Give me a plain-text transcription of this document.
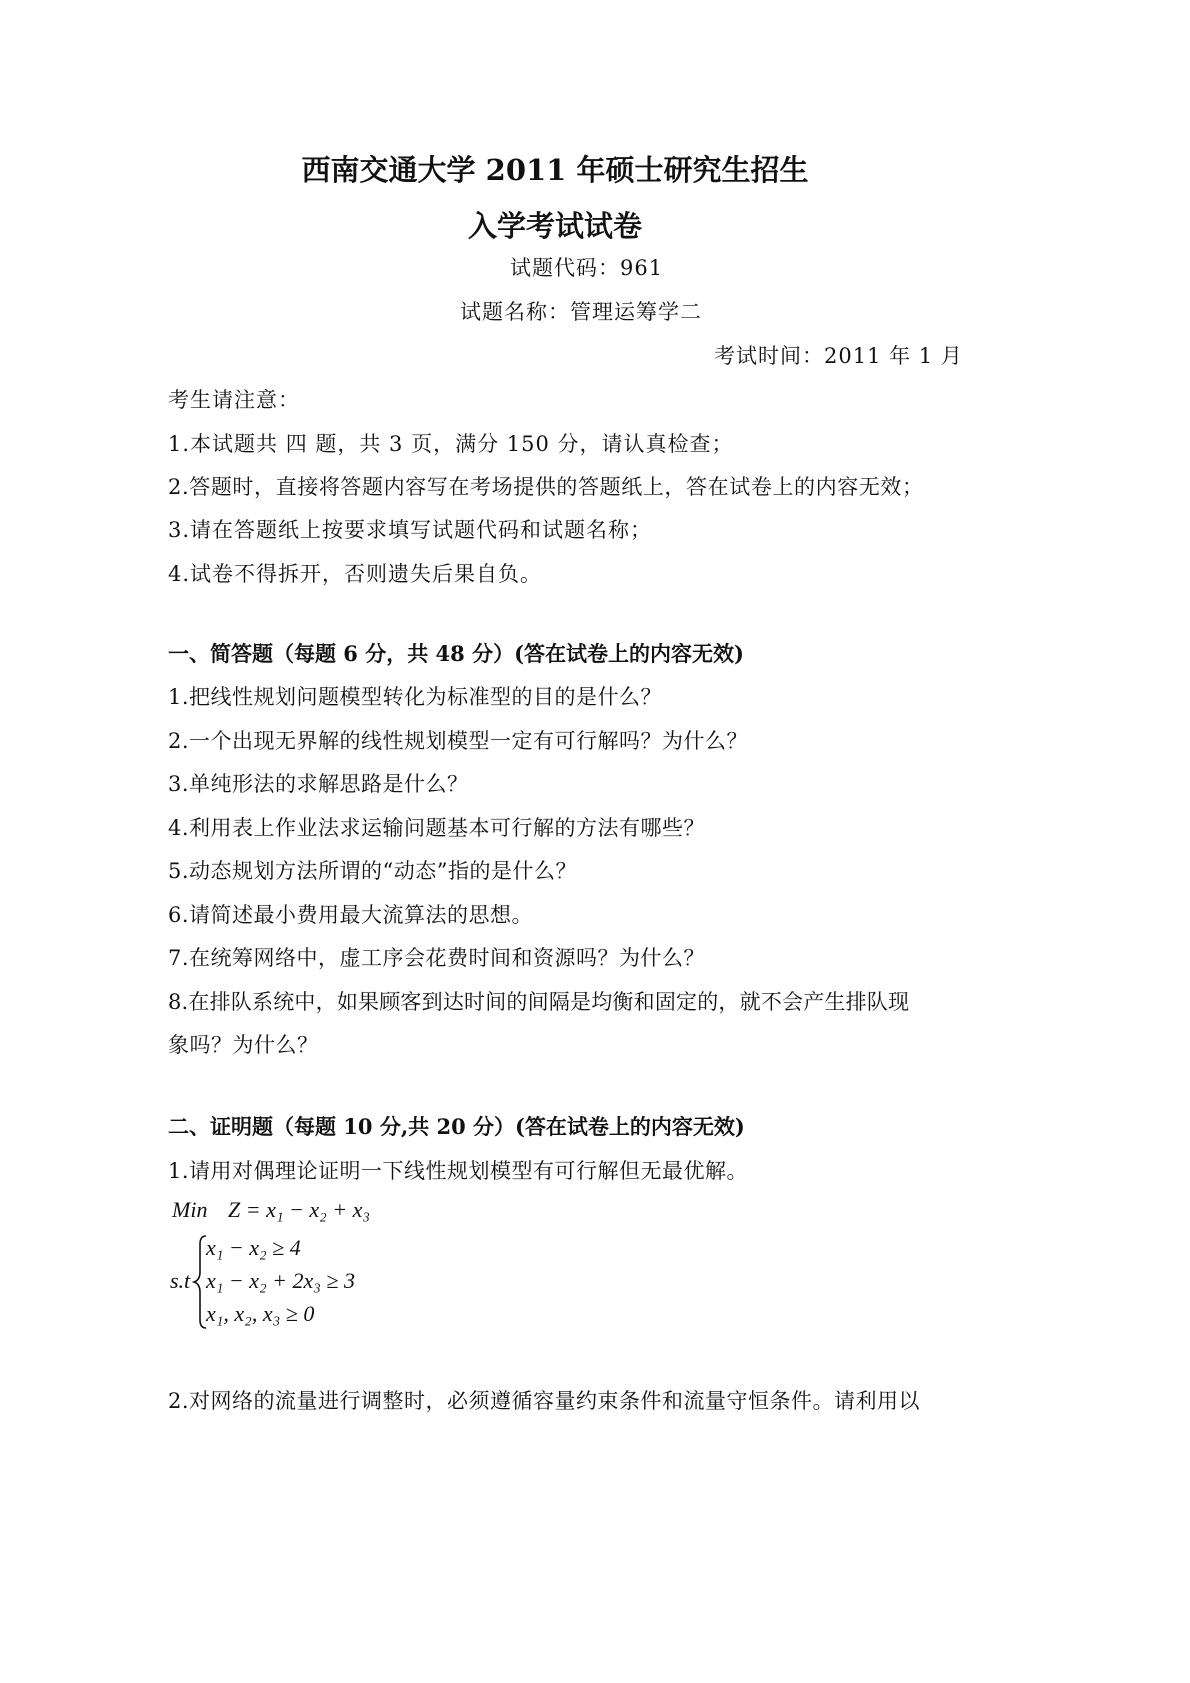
西南交通大学 2011 年硕士研究生招生
入学考试试卷
试题代码：961
试题名称：管理运筹学二
考试时间：2011 年 1 月
考生请注意：
1.本试题共 四 题，共 3 页，满分 150 分，请认真检查；
2.答题时，直接将答题内容写在考场提供的答题纸上，答在试卷上的内容无效；
3.请在答题纸上按要求填写试题代码和试题名称；
4.试卷不得拆开，否则遗失后果自负。
一、简答题（每题 6 分，共 48 分）(答在试卷上的内容无效)
1.把线性规划问题模型转化为标准型的目的是什么？
2.一个出现无界解的线性规划模型一定有可行解吗？为什么？
3.单纯形法的求解思路是什么？
4.利用表上作业法求运输问题基本可行解的方法有哪些？
5.动态规划方法所谓的“动态”指的是什么？
6.请简述最小费用最大流算法的思想。
7.在统筹网络中，虚工序会花费时间和资源吗？为什么？
8.在排队系统中，如果顾客到达时间的间隔是均衡和固定的，就不会产生排队现
象吗？为什么？
二、证明题（每题 10 分,共 20 分）(答在试卷上的内容无效)
1.请用对偶理论证明一下线性规划模型有可行解但无最优解。
Min Z = x₁ − x₂ + x₃
s.t
x₁ − x₂ ≥ 4
x₁ − x₂ + 2x₃ ≥ 3
x₁, x₂, x₃ ≥ 0
2.对网络的流量进行调整时，必须遵循容量约束条件和流量守恒条件。请利用以
